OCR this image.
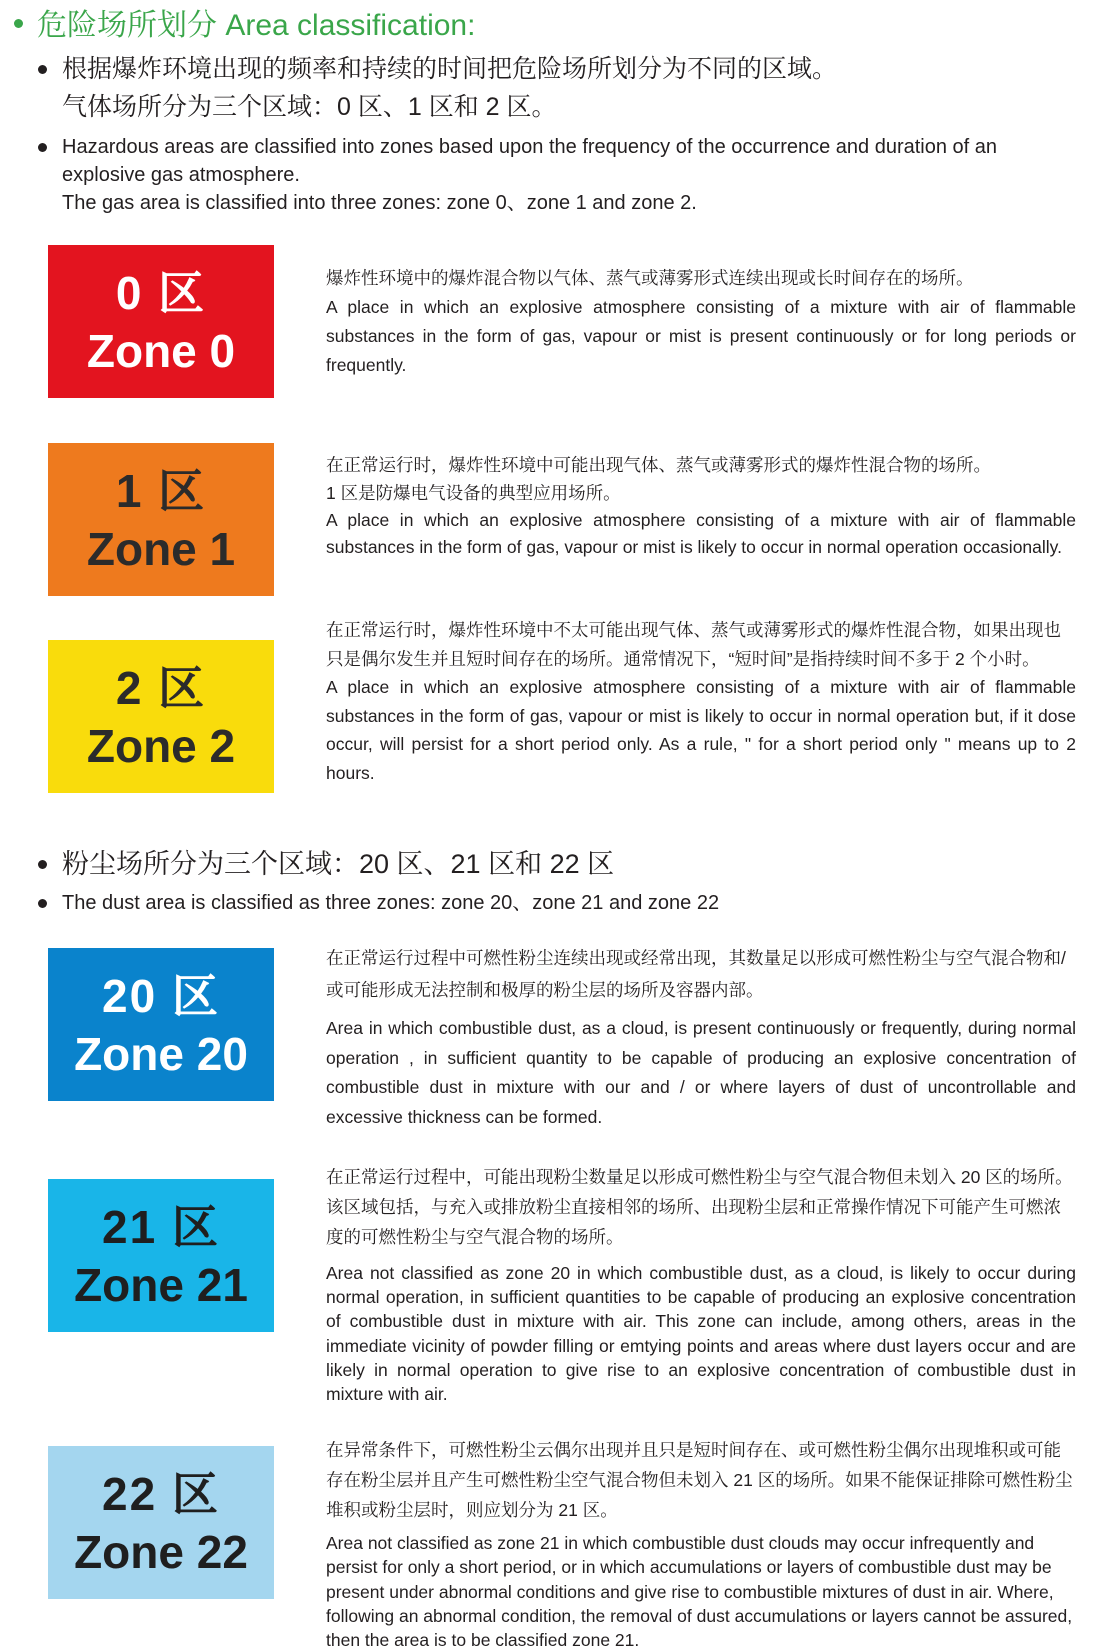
危险场所划分 Area classification:
根据爆炸环境出现的频率和持续的时间把危险场所划分为不同的区域。
气体场所分为三个区域：0 区、1 区和 2 区。
Hazardous areas are classified into zones based upon the frequency of the occurrence and duration of an explosive gas atmosphere.
The gas area is classified into three zones: zone 0、zone 1 and zone 2.
0 区
Zone 0
爆炸性环境中的爆炸混合物以气体、蒸气或薄雾形式连续出现或长时间存在的场所。
A place in which an explosive atmosphere consisting of a mixture with air of flammable substances in the form of gas, vapour or mist is present continuously or for long periods or frequently.
1 区
Zone 1
在正常运行时，爆炸性环境中可能出现气体、蒸气或薄雾形式的爆炸性混合物的场所。
1 区是防爆电气设备的典型应用场所。
A place in which an explosive atmosphere consisting of a mixture with air of flammable substances in the form of gas, vapour or mist is likely to occur in normal operation occasionally.
2 区
Zone 2
在正常运行时，爆炸性环境中不太可能出现气体、蒸气或薄雾形式的爆炸性混合物，如果出现也只是偶尔发生并且短时间存在的场所。通常情况下，“短时间”是指持续时间不多于 2 个小时。
A place in which an explosive atmosphere consisting of a mixture with air of flammable substances in the form of gas, vapour or mist is likely to occur in normal operation but, if it dose occur, will persist for a short period only. As a rule, " for a short period only " means up to 2 hours.
粉尘场所分为三个区域：20 区、21 区和 22 区
The dust area is classified as three zones: zone 20、zone 21 and zone 22
20 区
Zone 20
在正常运行过程中可燃性粉尘连续出现或经常出现，其数量足以形成可燃性粉尘与空气混合物和/或可能形成无法控制和极厚的粉尘层的场所及容器内部。
Area in which combustible dust, as a cloud, is present continuously or frequently, during normal operation , in sufficient quantity to be capable of producing an explosive concentration of combustible dust in mixture with our and / or where layers of dust of uncontrollable and excessive thickness can be formed.
21 区
Zone 21
在正常运行过程中，可能出现粉尘数量足以形成可燃性粉尘与空气混合物但未划入 20 区的场所。该区域包括，与充入或排放粉尘直接相邻的场所、出现粉尘层和正常操作情况下可能产生可燃浓度的可燃性粉尘与空气混合物的场所。
Area not classified as zone 20 in which combustible dust, as a cloud, is likely to occur during normal operation, in sufficient quantities to be capable of producing an explosive concentration of combustible dust in mixture with air. This zone can include, among others, areas in the immediate vicinity of powder filling or emtying points and areas where dust layers occur and are likely in normal operation to give rise to an explosive concentration of combustible dust in mixture with air.
22 区
Zone 22
在异常条件下，可燃性粉尘云偶尔出现并且只是短时间存在、或可燃性粉尘偶尔出现堆积或可能存在粉尘层并且产生可燃性粉尘空气混合物但未划入 21 区的场所。如果不能保证排除可燃性粉尘堆积或粉尘层时，则应划分为 21 区。
Area not classified as zone 21 in which combustible dust clouds may occur infrequently and persist for only a short period, or in which accumulations or layers of combustible dust may be present under abnormal conditions and give rise to combustible mixtures of dust in air. Where, following an abnormal condition, the removal of dust accumulations or layers cannot be assured, then the area is to be classified zone 21.
